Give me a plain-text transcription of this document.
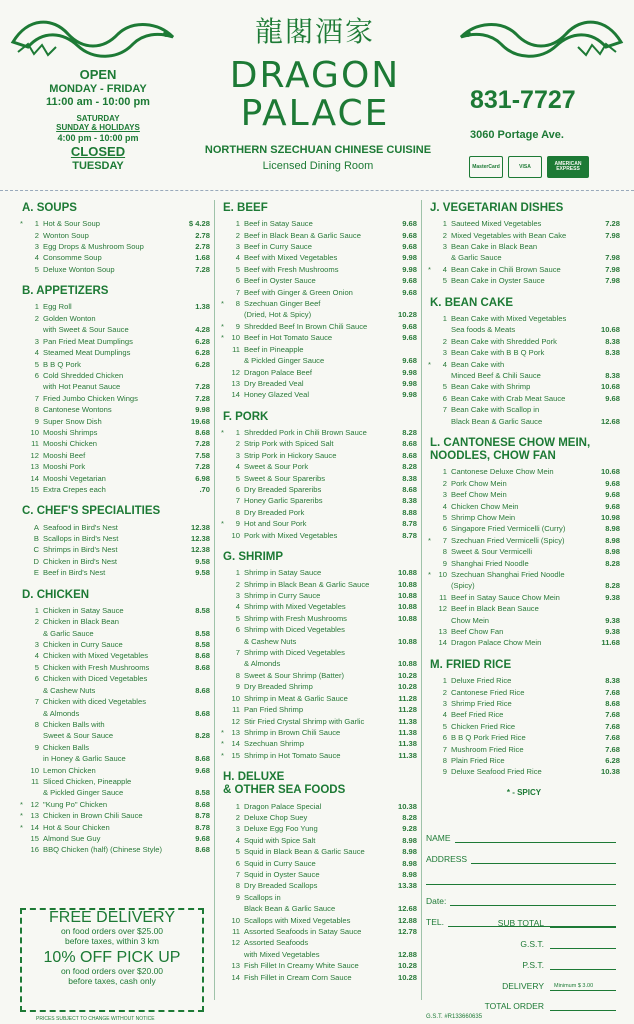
OPEN
MONDAY - FRIDAY
11:00 am - 10:00 pm
SATURDAY
SUNDAY & HOLIDAYS
4:00 pm - 10:00 pm
CLOSED
TUESDAY
龍閣酒家
DRAGON
PALACE
NORTHERN SZECHUAN CHINESE CUISINE
Licensed Dining Room
831-7727
3060 Portage Ave.
MasterCard	VISA	AMERICAN EXPRESS
A. SOUPS
*	1 Hot & Sour Soup	$ 4.28
2 Wonton Soup	2.78
3 Egg Drops & Mushroom Soup	2.78
4 Consomme Soup	1.68
5 Deluxe Wonton Soup	7.28
B. APPETIZERS
1 Egg Roll	1.38
2 Golden Wonton
with Sweet & Sour Sauce	4.28
3 Pan Fried Meat Dumplings	6.28
4 Steamed Meat Dumplings	6.28
5 B B Q Pork	6.28
6 Cold Shredded Chicken
with Hot Peanut Sauce	7.28
7 Fried Jumbo Chicken Wings	7.28
8 Cantonese Wontons	9.98
9 Super Snow Dish	19.68
10 Mooshi Shrimps	8.68
11 Mooshi Chicken	7.28
12 Mooshi Beef	7.58
13 Mooshi Pork	7.28
14 Mooshi Vegetarian	6.98
15 Extra Crepes each	.70
C. CHEF'S SPECIALITIES
A Seafood in Bird's Nest	12.38
B Scallops in Bird's Nest	12.38
C Shrimps in Bird's Nest	12.38
D Chicken in Bird's Nest	9.58
E Beef in Bird's Nest	9.58
D. CHICKEN
1 Chicken in Satay Sauce	8.58
2 Chicken in Black Bean
& Garlic Sauce	8.58
3 Chicken in Curry Sauce	8.58
4 Chicken with Mixed Vegetables	8.68
5 Chicken with Fresh Mushrooms	8.68
6 Chicken with Diced Vegetables
& Cashew Nuts	8.68
7 Chicken with diced Vegetables
& Almonds	8.68
8 Chicken Balls with
Sweet & Sour Sauce	8.28
9 Chicken Balls
in Honey & Garlic Sauce	8.68
10 Lemon Chicken	9.68
11 Sliced Chicken, Pineapple
& Pickled Ginger Sauce	8.58
* 12 "Kung Po" Chicken	8.68
* 13 Chicken in Brown Chili Sauce	8.78
* 14 Hot & Sour Chicken	8.78
15 Almond Sue Guy	9.68
16 BBQ Chicken (half) (Chinese Style)	8.68
E. BEEF
1 Beef in Satay Sauce	9.68
2 Beef in Black Bean & Garlic Sauce	9.68
3 Beef in Curry Sauce	9.68
4 Beef with Mixed Vegetables	9.98
5 Beef with Fresh Mushrooms	9.98
6 Beef in Oyster Sauce	9.68
7 Beef with Ginger & Green Onion	9.68
*	8 Szechuan Ginger Beef
(Dried, Hot & Spicy)	10.28
*	9 Shredded Beef In Brown Chili Sauce	9.68
* 10 Beef in Hot Tomato Sauce	9.68
11 Beef in Pineapple
& Pickled Ginger Sauce	9.68
12 Dragon Palace Beef	9.98
13 Dry Breaded Veal	9.98
14 Honey Glazed Veal	9.98
F. PORK
*	1 Shredded Pork in Chili Brown Sauce	8.28
2 Strip Pork with Spiced Salt	8.68
3 Strip Pork in Hickory Sauce	8.68
4 Sweet & Sour Pork	8.28
5 Sweet & Sour Spareribs	8.38
6 Dry Breaded Spareribs	8.68
7 Honey Garlic Spareribs	8.38
8 Dry Breaded Pork	8.88
*	9 Hot and Sour Pork	8.78
10 Pork with Mixed Vegetables	8.78
G. SHRIMP
1 Shrimp in Satay Sauce	10.88
2 Shrimp in Black Bean & Garlic Sauce	10.88
3 Shrimp in Curry Sauce	10.88
4 Shrimp with Mixed Vegetables	10.88
5 Shrimp with Fresh Mushrooms	10.88
6 Shrimp with Diced Vegetables
& Cashew Nuts	10.88
7 Shrimp with Diced Vegetables
& Almonds	10.88
8 Sweet & Sour Shrimp (Batter)	10.28
9 Dry Breaded Shrimp	10.28
10 Shrimp in Meat & Garlic Sauce	11.28
11 Pan Fried Shrimp	11.28
12 Stir Fried Crystal Shrimp with Garlic	11.38
* 13 Shrimp in Brown Chili Sauce	11.38
* 14 Szechuan Shrimp	11.38
* 15 Shrimp in Hot Tomato Sauce	11.38
H. DELUXE
& OTHER SEA FOODS
1 Dragon Palace Special	10.38
2 Deluxe Chop Suey	8.28
3 Deluxe Egg Foo Yung	9.28
4 Squid with Spice Salt	8.98
5 Squid in Black Bean & Garlic Sauce	8.98
6 Squid in Curry Sauce	8.98
7 Squid in Oyster Sauce	8.98
8 Dry Breaded Scallops	13.38
9 Scallops in
Black Bean & Garlic Sauce	12.68
10 Scallops with Mixed Vegetables	12.88
11 Assorted Seafoods in Satay Sauce	12.78
12 Assorted Seafoods
with Mixed Vegetables	12.88
13 Fish Fillet In Creamy White Sauce	10.28
14 Fish Fillet in Cream Corn Sauce	10.28
J. VEGETARIAN DISHES
1 Sauteed Mixed Vegetables	7.28
2 Mixed Vegetables with Bean Cake	7.98
3 Bean Cake in Black Bean
& Garlic Sauce	7.98
*	4 Bean Cake in Chili Brown Sauce	7.98
5 Bean Cake in Oyster Sauce	7.98
K. BEAN CAKE
1 Bean Cake with Mixed Vegetables
Sea foods & Meats	10.68
2 Bean Cake with Shredded Pork	8.38
3 Bean Cake with B B Q Pork	8.38
*	4 Bean Cake with
Minced Beef & Chili Sauce	8.38
5 Bean Cake with Shrimp	10.68
6 Bean Cake with Crab Meat Sauce	9.68
7 Bean Cake with Scallop in
Black Bean & Garlic Sauce	12.68
L. CANTONESE CHOW MEIN,
NOODLES, CHOW FAN
1 Cantonese Deluxe Chow Mein	10.68
2 Pork Chow Mein	9.68
3 Beef Chow Mein	9.68
4 Chicken Chow Mein	9.68
5 Shrimp Chow Mein	10.98
6 Singapore Fried Vermicelli (Curry)	8.98
*	7 Szechuan Fried Vermicelli (Spicy)	8.98
8 Sweet & Sour Vermicelli	8.98
9 Shanghai Fried Noodle	8.28
* 10 Szechuan Shanghai Fried Noodle
(Spicy)	8.28
11 Beef in Satay Sauce Chow Mein	9.38
12 Beef in Black Bean Sauce
Chow Mein	9.38
13 Beef Chow Fan	9.38
14 Dragon Palace Chow Mein	11.68
M. FRIED RICE
1 Deluxe Fried Rice	8.38
2 Cantonese Fried Rice	7.68
3 Shrimp Fried Rice	8.68
4 Beef Fried Rice	7.68
5 Chicken Fried Rice	7.68
6 B B Q Pork Fried Rice	7.68
7 Mushroom Fried Rice	7.68
8 Plain Fried Rice	6.28
9 Deluxe Seafood Fried Rice	10.38
* - SPICY
FREE DELIVERY
on food orders over $25.00
before taxes, within 3 km
10% OFF PICK UP
on food orders over $20.00
before taxes, cash only
PRICES SUBJECT TO CHANGE WITHOUT NOTICE
NAME
ADDRESS
Date:
TEL.	SUB TOTAL
G.S.T.
P.S.T.
DELIVERY Minimum $ 3.00
TOTAL ORDER
G.S.T. #R133660635
